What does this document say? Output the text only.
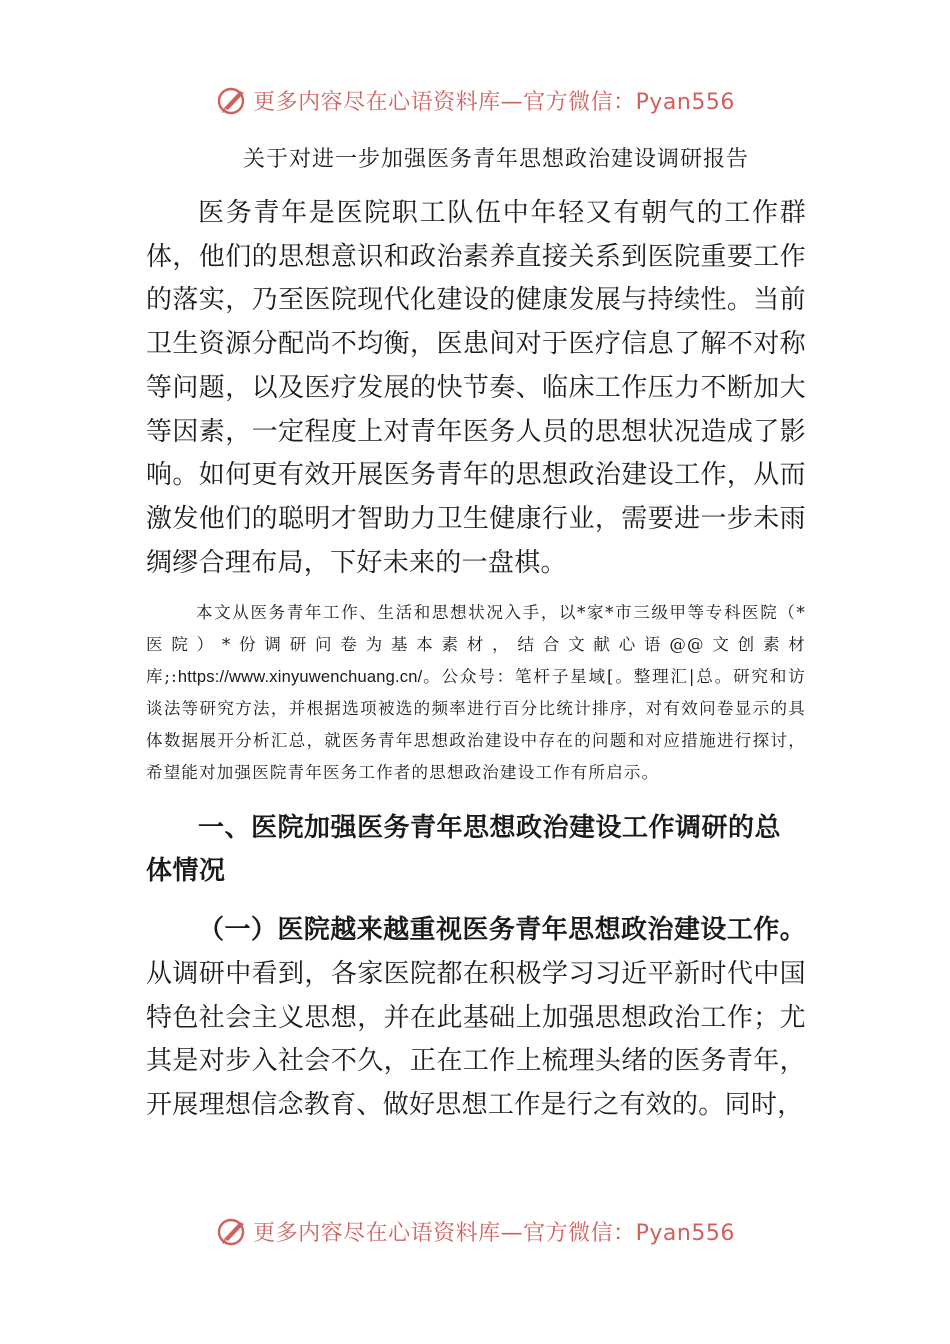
更多内容尽在心语资料库—官方微信：Pyan556
关于对进一步加强医务青年思想政治建设调研报告

医务青年是医院职工队伍中年轻又有朝气的工作群体，他们的思想意识和政治素养直接关系到医院重要工作的落实，乃至医院现代化建设的健康发展与持续性。当前卫生资源分配尚不均衡，医患间对于医疗信息了解不对称等问题，以及医疗发展的快节奏、临床工作压力不断加大等因素，一定程度上对青年医务人员的思想状况造成了影响。如何更有效开展医务青年的思想政治建设工作，从而激发他们的聪明才智助力卫生健康行业，需要进一步未雨绸缪合理布局，下好未来的一盘棋。

本文从医务青年工作、生活和思想状况入手，以*家*市三级甲等专科医院（*医院）*份调研问卷为基本素材，结合文献心语@@文创素材库;:https://www.xinyuwenchuang.cn/。公众号：笔杆子星域[。整理汇|总。研究和访谈法等研究方法，并根据选项被选的频率进行百分比统计排序，对有效问卷显示的具体数据展开分析汇总，就医务青年思想政治建设中存在的问题和对应措施进行探讨，希望能对加强医院青年医务工作者的思想政治建设工作有所启示。

一、医院加强医务青年思想政治建设工作调研的总体情况

（一）医院越来越重视医务青年思想政治建设工作。从调研中看到，各家医院都在积极学习习近平新时代中国特色社会主义思想，并在此基础上加强思想政治工作；尤其是对步入社会不久，正在工作上梳理头绪的医务青年，开展理想信念教育、做好思想工作是行之有效的。同时，

更多内容尽在心语资料库—官方微信：Pyan556
